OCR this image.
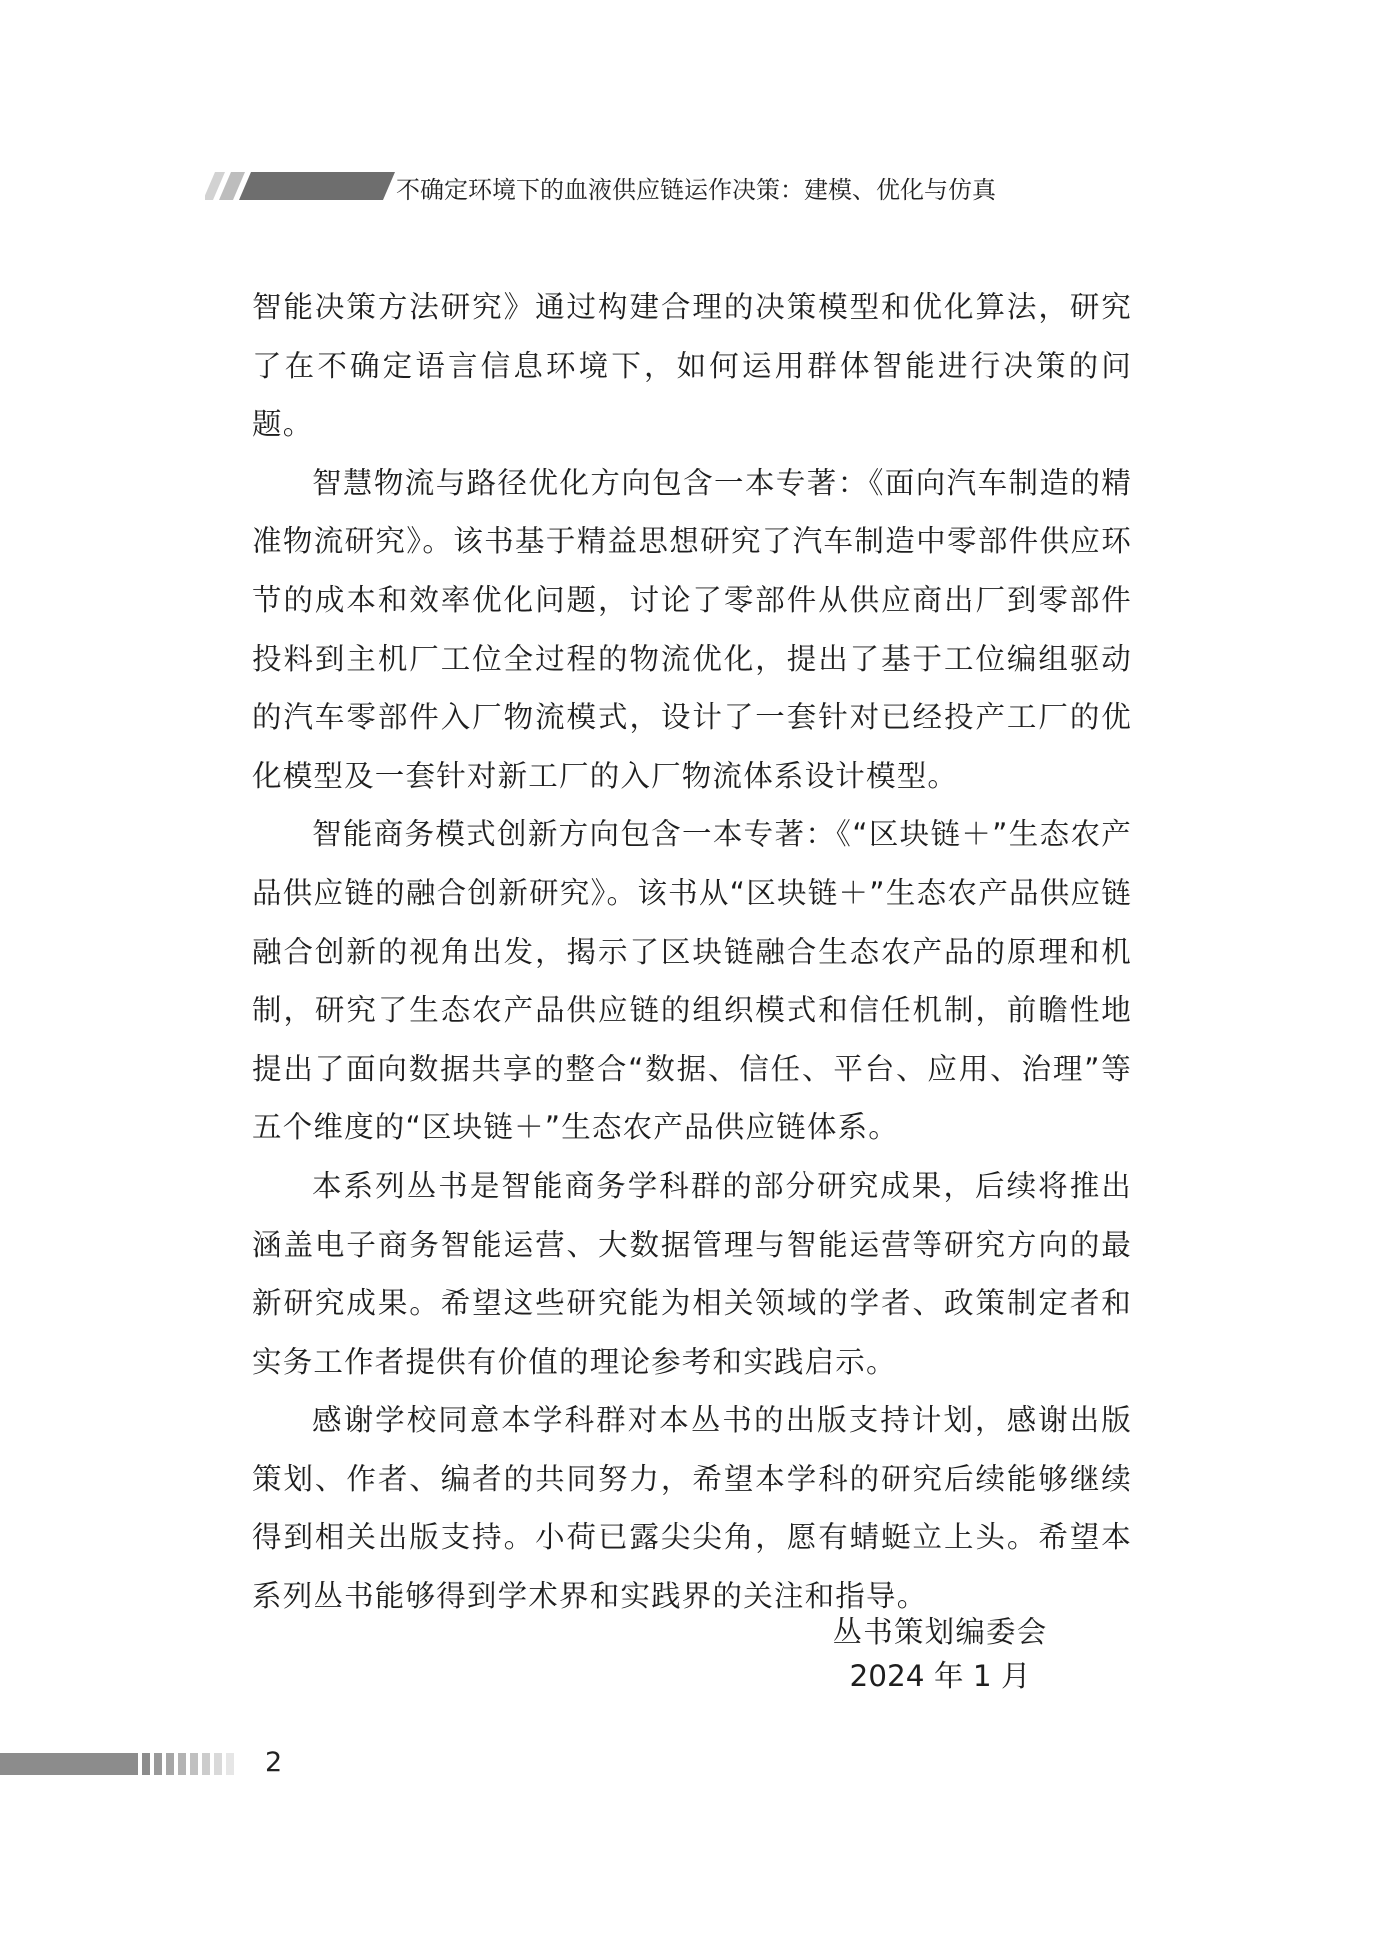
不确定环境下的血液供应链运作决策：建模、优化与仿真

智能决策方法研究》通过构建合理的决策模型和优化算法，研究了在不确定语言信息环境下，如何运用群体智能进行决策的问题。

智慧物流与路径优化方向包含一本专著：《面向汽车制造的精准物流研究》。该书基于精益思想研究了汽车制造中零部件供应环节的成本和效率优化问题，讨论了零部件从供应商出厂到零部件投料到主机厂工位全过程的物流优化，提出了基于工位编组驱动的汽车零部件入厂物流模式，设计了一套针对已经投产工厂的优化模型及一套针对新工厂的入厂物流体系设计模型。

智能商务模式创新方向包含一本专著：《“区块链＋”生态农产品供应链的融合创新研究》。该书从“区块链＋”生态农产品供应链融合创新的视角出发，揭示了区块链融合生态农产品的原理和机制，研究了生态农产品供应链的组织模式和信任机制，前瞻性地提出了面向数据共享的整合“数据、信任、平台、应用、治理”等五个维度的“区块链＋”生态农产品供应链体系。

本系列丛书是智能商务学科群的部分研究成果，后续将推出涵盖电子商务智能运营、大数据管理与智能运营等研究方向的最新研究成果。希望这些研究能为相关领域的学者、政策制定者和实务工作者提供有价值的理论参考和实践启示。

感谢学校同意本学科群对本丛书的出版支持计划，感谢出版策划、作者、编者的共同努力，希望本学科的研究后续能够继续得到相关出版支持。小荷已露尖尖角，愿有蜻蜓立上头。希望本系列丛书能够得到学术界和实践界的关注和指导。

丛书策划编委会
2024 年 1 月
2
